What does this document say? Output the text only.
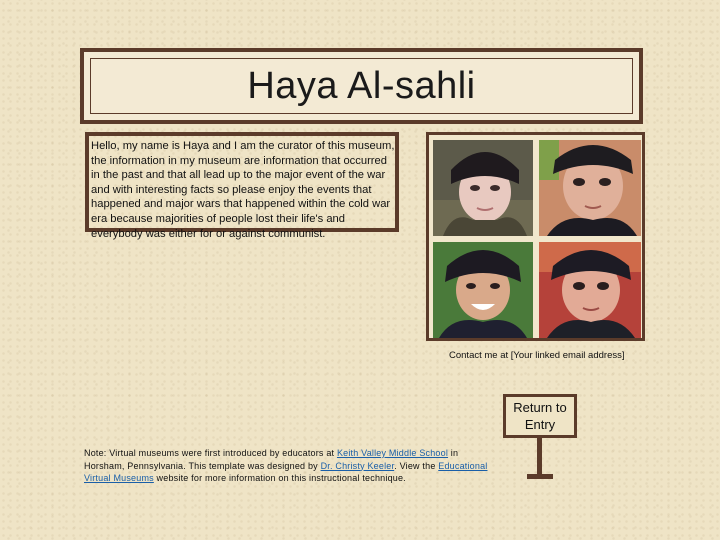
Haya Al-sahli
Hello, my name is Haya and I am the curator of this museum, the information in my museum are information that occurred in the past and that all lead up to the major event of the war and with interesting facts so please enjoy the events that happened and major wars that happened within the cold war era because majorities of people lost their life's and everybody was either for or against communist.
Contact me at [Your linked email address]
Return to
Entry
Note: Virtual museums were first introduced by educators at Keith Valley Middle School in Horsham, Pennsylvania. This template was designed by Dr. Christy Keeler. View the Educational Virtual Museums website for more information on this instructional technique.
